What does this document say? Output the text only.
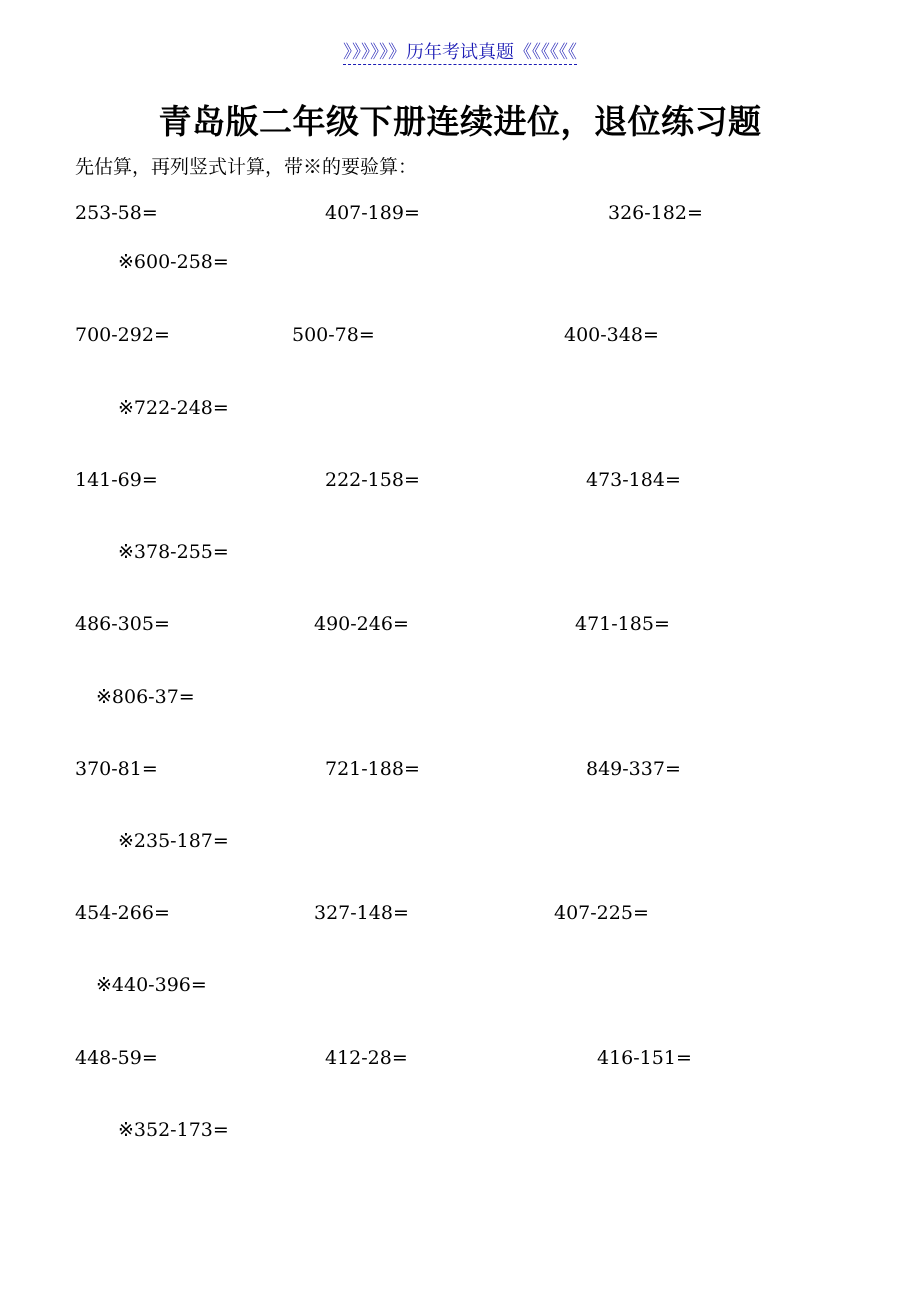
》》》》》》历年考试真题《《《《《《
青岛版二年级下册连续进位，退位练习题
先估算，再列竖式计算，带※的要验算：
253-58=	407-189=	326-182=
※600-258=
700-292=	500-78=	400-348=
※722-248=
141-69=	222-158=	473-184=
※378-255=
486-305=	490-246=	471-185=
※806-37=
370-81=	721-188=	849-337=
※235-187=
454-266=	327-148=	407-225=
※440-396=
448-59=	412-28=	416-151=
※352-173=
